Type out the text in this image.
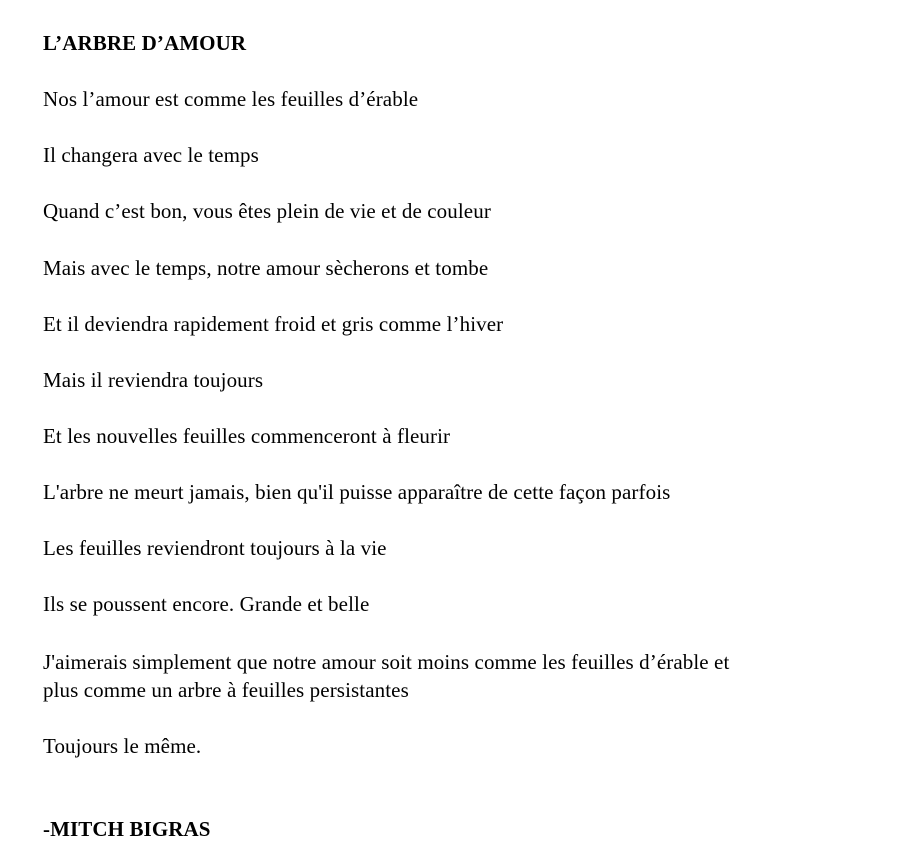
L’ARBRE D’AMOUR

Nos l’amour est comme les feuilles d’érable

Il changera avec le temps

Quand c’est bon, vous êtes plein de vie et de couleur

Mais avec le temps, notre amour sècherons et tombe

Et il deviendra rapidement froid et gris comme l’hiver

Mais il reviendra toujours

Et les nouvelles feuilles commenceront à fleurir

L'arbre ne meurt jamais, bien qu'il puisse apparaître de cette façon parfois

Les feuilles reviendront toujours à la vie

Ils se poussent encore. Grande et belle

J'aimerais simplement que notre amour soit moins comme les feuilles d’érable et

plus comme un arbre à feuilles persistantes

Toujours le même.

-MITCH BIGRAS
